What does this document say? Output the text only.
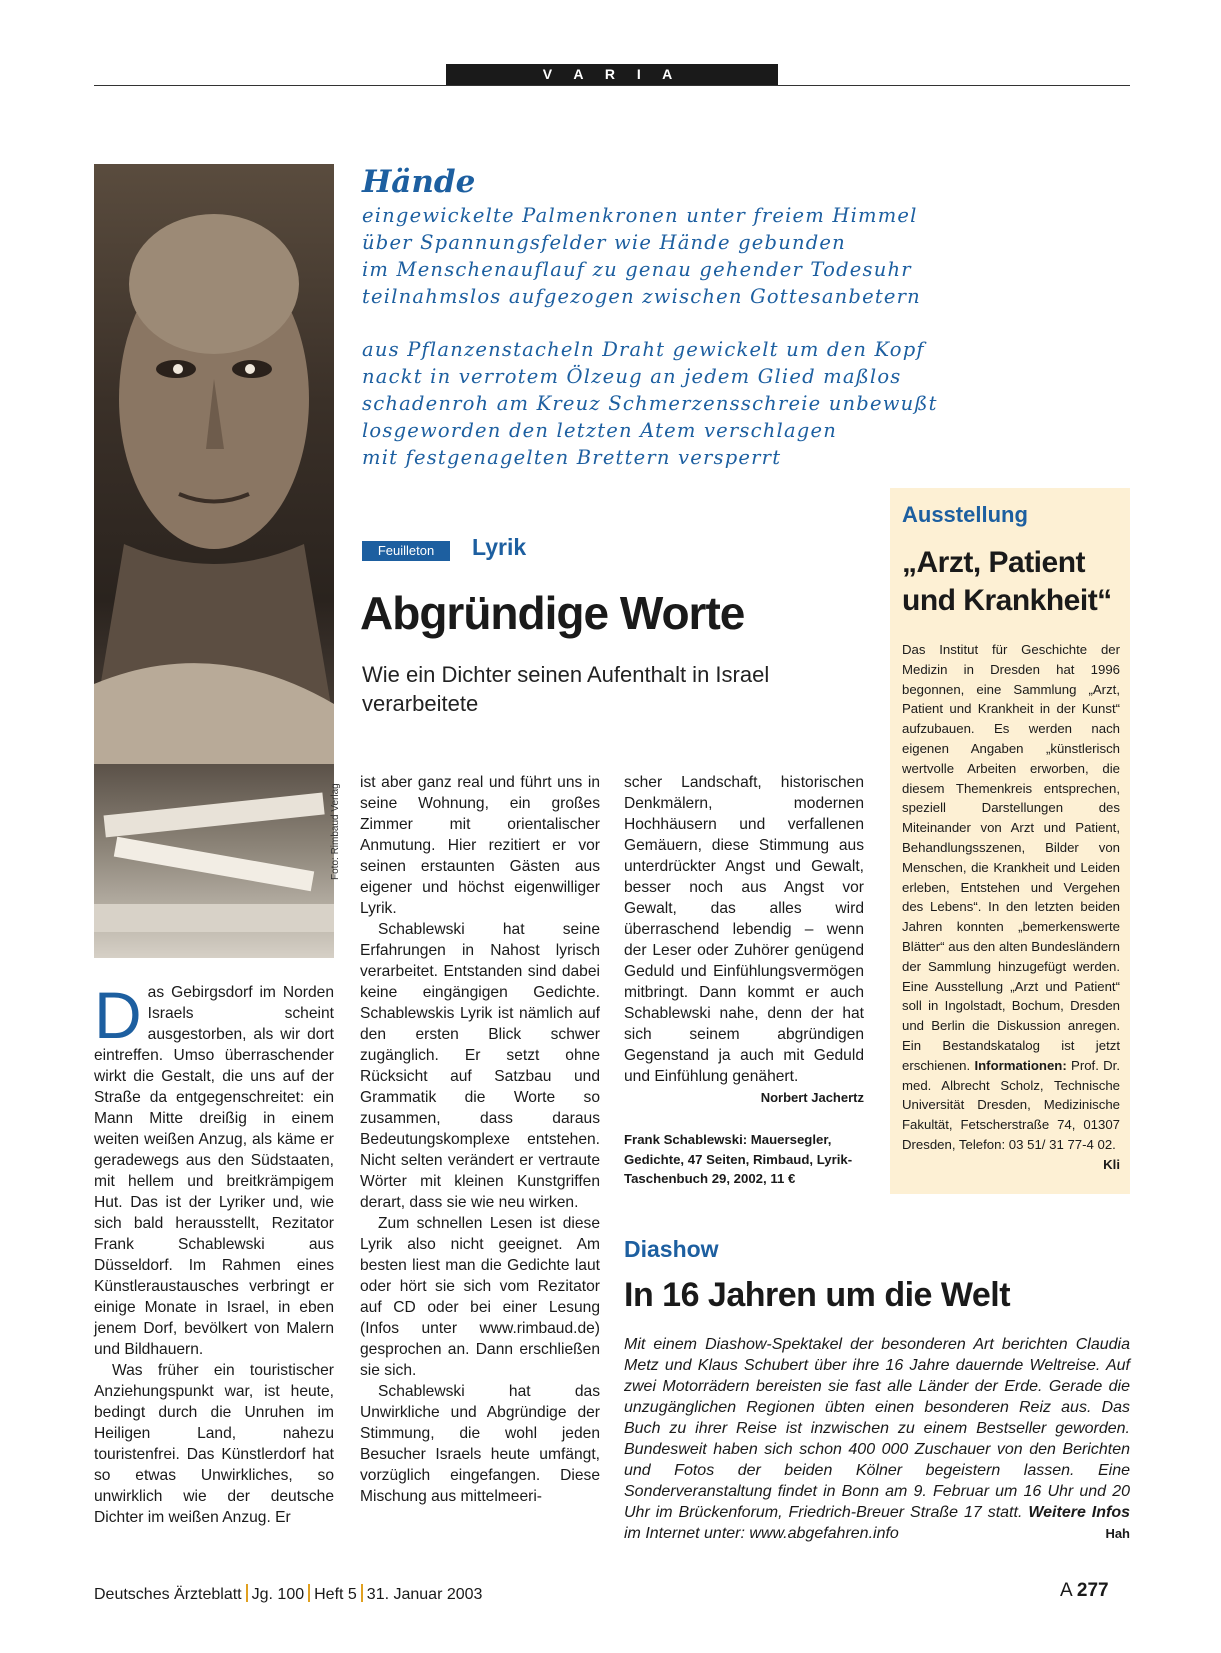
V A R I A
Foto: Rimbaud Verlag
Hände
eingewickelte Palmenkronen unter freiem Himmel
über Spannungsfelder wie Hände gebunden
im Menschenauflauf zu genau gehender Todesuhr
teilnahmslos aufgezogen zwischen Gottesanbetern
aus Pflanzenstacheln Draht gewickelt um den Kopf
nackt in verrotem Ölzeug an jedem Glied maßlos
schadenroh am Kreuz Schmerzensschreie unbewußt
losgeworden den letzten Atem verschlagen
mit festgenagelten Brettern versperrt
Ausstellung
„Arzt, Patient und Krankheit“
Das Institut für Geschichte der Medizin in Dresden hat 1996 begonnen, eine Sammlung „Arzt, Patient und Krankheit in der Kunst“ aufzubauen. Es werden nach eigenen Angaben „künstlerisch wertvolle Arbeiten erworben, die diesem Themenkreis entsprechen, speziell Darstellungen des Miteinander von Arzt und Patient, Behandlungsszenen, Bilder von Menschen, die Krankheit und Leiden erleben, Entstehen und Vergehen des Lebens“. In den letzten beiden Jahren konnten „bemerkenswerte Blätter“ aus den alten Bundesländern der Sammlung hinzugefügt werden. Eine Ausstellung „Arzt und Patient“ soll in Ingolstadt, Bochum, Dresden und Berlin die Diskussion anregen. Ein Bestandskatalog ist jetzt erschienen. Informationen: Prof. Dr. med. Albrecht Scholz, Technische Universität Dresden, Medizinische Fakultät, Fetscherstraße 74, 01307 Dresden, Telefon: 03 51/ 31 77-4 02.
Kli
Feuilleton	Lyrik
Abgründige Worte
Wie ein Dichter seinen Aufenthalt in Israel verarbeitete

Das Gebirgsdorf im Norden Israels scheint ausgestorben, als wir dort eintreffen. Umso überraschender wirkt die Gestalt, die uns auf der Straße da entgegenschreitet: ein Mann Mitte dreißig in einem weiten weißen Anzug, als käme er geradewegs aus den Südstaaten, mit hellem und breitkrämpigem Hut. Das ist der Lyriker und, wie sich bald herausstellt, Rezitator Frank Schablewski aus Düsseldorf. Im Rahmen eines Künstleraustausches verbringt er einige Monate in Israel, in eben jenem Dorf, bevölkert von Malern und Bildhauern.

Was früher ein touristischer Anziehungspunkt war, ist heute, bedingt durch die Unruhen im Heiligen Land, nahezu touristenfrei. Das Künstlerdorf hat so etwas Unwirkliches, so unwirklich wie der deutsche Dichter im weißen Anzug. Er

ist aber ganz real und führt uns in seine Wohnung, ein großes Zimmer mit orientalischer Anmutung. Hier rezitiert er vor seinen erstaunten Gästen aus eigener und höchst eigenwilliger Lyrik.

Schablewski hat seine Erfahrungen in Nahost lyrisch verarbeitet. Entstanden sind dabei keine eingängigen Gedichte. Schablewskis Lyrik ist nämlich auf den ersten Blick schwer zugänglich. Er setzt ohne Rücksicht auf Satzbau und Grammatik die Worte so zusammen, dass daraus Bedeutungskomplexe entstehen. Nicht selten verändert er vertraute Wörter mit kleinen Kunstgriffen derart, dass sie wie neu wirken.

Zum schnellen Lesen ist diese Lyrik also nicht geeignet. Am besten liest man die Gedichte laut oder hört sie sich vom Rezitator auf CD oder bei einer Lesung (Infos unter www.rimbaud.de) gesprochen an. Dann erschließen sie sich.

Schablewski hat das Unwirkliche und Abgründige der Stimmung, die wohl jeden Besucher Israels heute umfängt, vorzüglich eingefangen. Diese Mischung aus mittelmeeri-

scher Landschaft, historischen Denkmälern, modernen Hochhäusern und verfallenen Gemäuern, diese Stimmung aus unterdrückter Angst und Gewalt, besser noch aus Angst vor Gewalt, das alles wird überraschend lebendig – wenn der Leser oder Zuhörer genügend Geduld und Einfühlungsvermögen mitbringt. Dann kommt er auch Schablewski nahe, denn der hat sich seinem abgründigen Gegenstand ja auch mit Geduld und Einfühlung genähert.
Norbert Jachertz

Frank Schablewski: Mauersegler, Gedichte, 47 Seiten, Rimbaud, Lyrik-Taschenbuch 29, 2002, 11 €
Diashow
In 16 Jahren um die Welt
Mit einem Diashow-Spektakel der besonderen Art berichten Claudia Metz und Klaus Schubert über ihre 16 Jahre dauernde Weltreise. Auf zwei Motorrädern bereisten sie fast alle Länder der Erde. Gerade die unzugänglichen Regionen übten einen besonderen Reiz aus. Das Buch zu ihrer Reise ist inzwischen zu einem Bestseller geworden. Bundesweit haben sich schon 400 000 Zuschauer von den Berichten und Fotos der beiden Kölner begeistern lassen. Eine Sonderveranstaltung findet in Bonn am 9. Februar um 16 Uhr und 20 Uhr im Brückenforum, Friedrich-Breuer Straße 17 statt. Weitere Infos im Internet unter: www.abgefahren.info	Hah
Deutsches Ärzteblatt Jg. 100 Heft 5 31. Januar 2003	A 277
